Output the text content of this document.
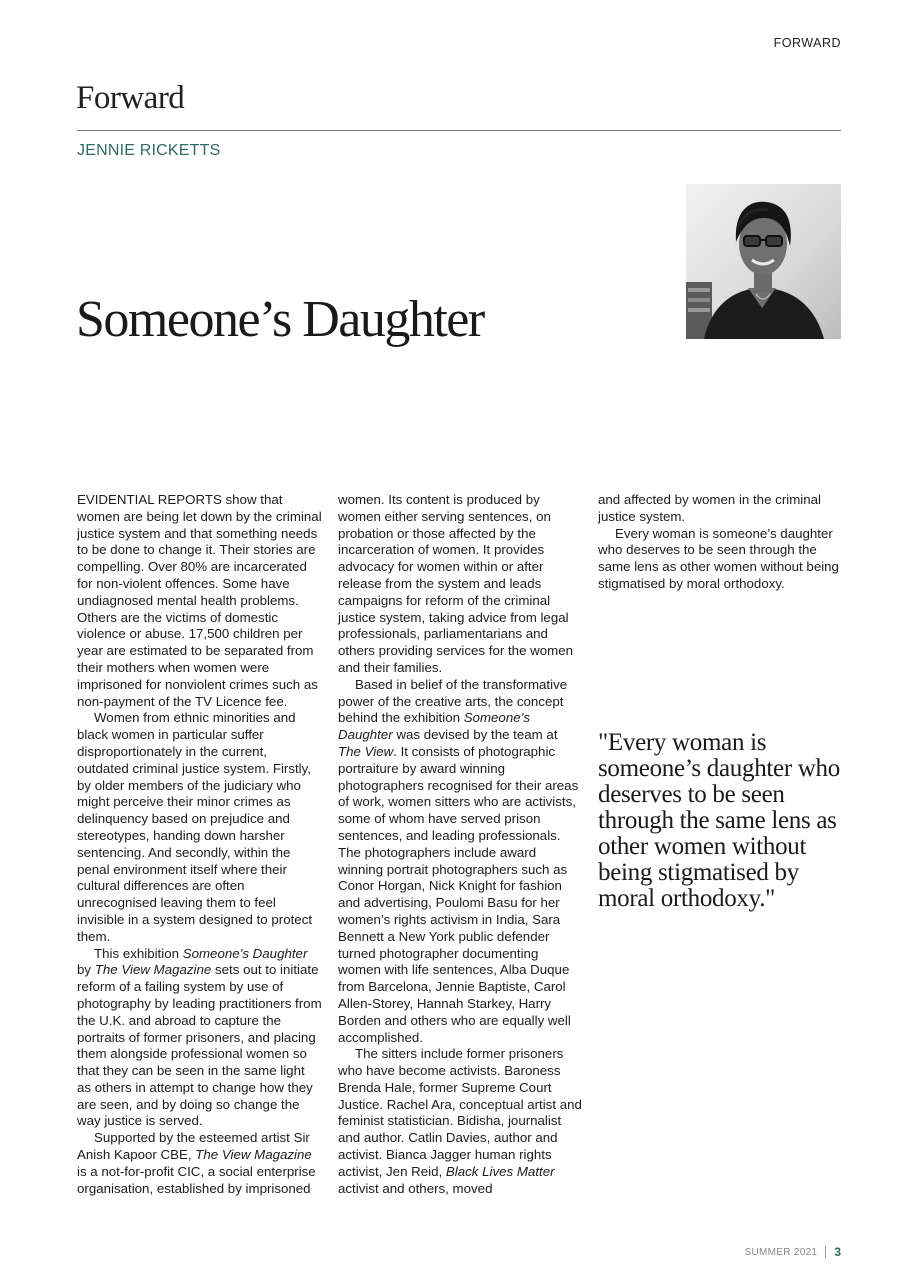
FORWARD
Forward
JENNIE RICKETTS
Someone’s Daughter

EVIDENTIAL REPORTS show that women are being let down by the criminal justice system and that something needs to be done to change it. Their stories are compelling. Over 80% are incarcerated for non-violent offences. Some have undiagnosed mental health problems. Others are the victims of domestic violence or abuse. 17,500 children per year are estimated to be separated from their mothers when women were imprisoned for nonviolent crimes such as non-payment of the TV Licence fee.

Women from ethnic minorities and black women in particular suffer disproportionately in the current, outdated criminal justice system. Firstly, by older members of the judiciary who might perceive their minor crimes as delinquency based on prejudice and stereotypes, handing down harsher sentencing. And secondly, within the penal environment itself where their cultural differences are often unrecognised leaving them to feel invisible in a system designed to protect them.

This exhibition Someone’s Daughter by The View Magazine sets out to initiate reform of a failing system by use of photography by leading practitioners from the U.K. and abroad to capture the portraits of former prisoners, and placing them alongside professional women so that they can be seen in the same light as others in attempt to change how they are seen, and by doing so change the way justice is served.

Supported by the esteemed artist Sir Anish Kapoor CBE, The View Magazine is a not-for-profit CIC, a social enterprise organisation, established by imprisoned

women. Its content is produced by women either serving sentences, on probation or those affected by the incarceration of women. It provides advocacy for women within or after release from the system and leads campaigns for reform of the criminal justice system, taking advice from legal professionals, parliamentarians and others providing services for the women and their families.

Based in belief of the transformative power of the creative arts, the concept behind the exhibition Someone’s Daughter was devised by the team at The View. It consists of photographic portraiture by award winning photographers recognised for their areas of work, women sitters who are activists, some of whom have served prison sentences, and leading professionals. The photographers include award winning portrait photographers such as Conor Horgan, Nick Knight for fashion and advertising, Poulomi Basu for her women’s rights activism in India, Sara Bennett a New York public defender turned photographer documenting women with life sentences, Alba Duque from Barcelona, Jennie Baptiste, Carol Allen-Storey, Hannah Starkey, Harry Borden and others who are equally well accomplished.

The sitters include former prisoners who have become activists. Baroness Brenda Hale, former Supreme Court Justice. Rachel Ara, conceptual artist and feminist statistician. Bidisha, journalist and author. Catlin Davies, author and activist. Bianca Jagger human rights activist, Jen Reid, Black Lives Matter activist and others, moved

and affected by women in the criminal justice system.

Every woman is someone’s daughter who deserves to be seen through the same lens as other women without being stigmatised by moral orthodoxy.

"Every woman is someone’s daughter who deserves to be seen through the same lens as other women without being stigmatised by moral orthodoxy."
SUMMER 2021 3
